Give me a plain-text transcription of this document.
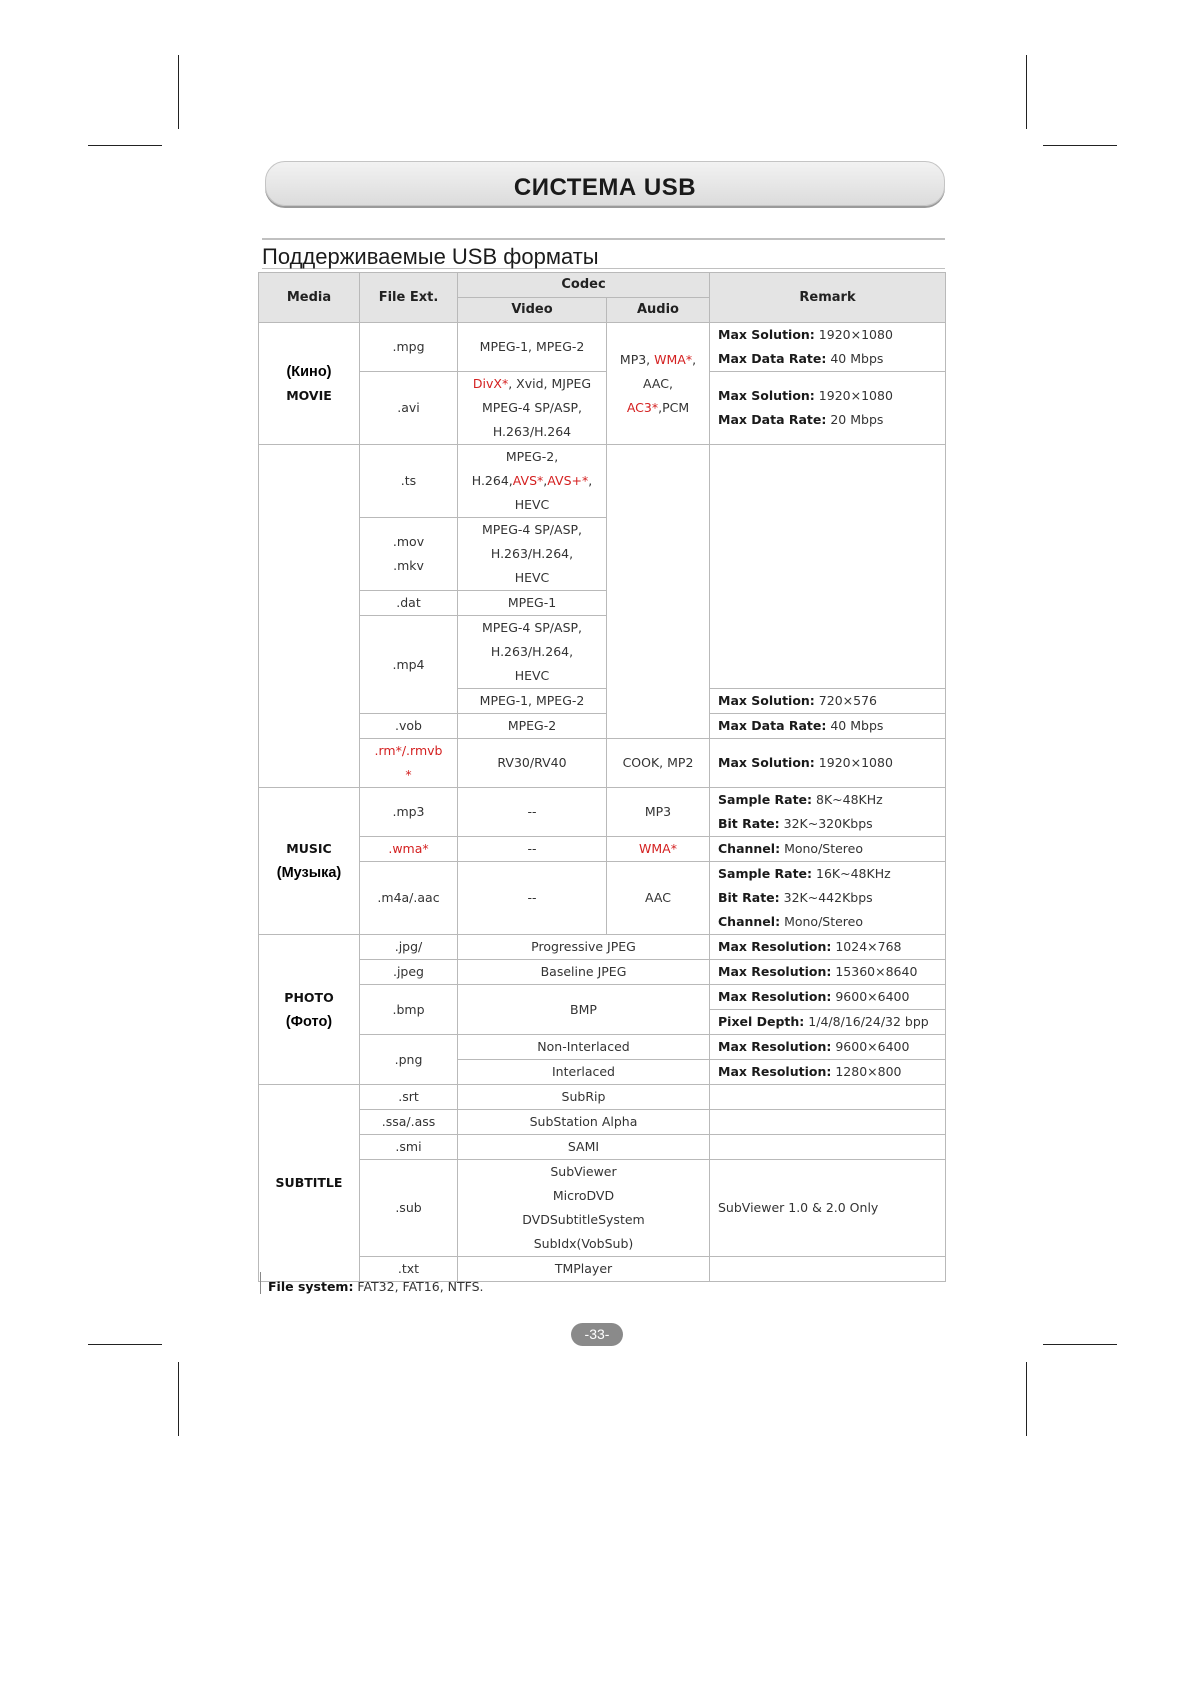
СИСТЕМА USB
Поддерживаемые USB форматы
Media	File Ext.	Codec		Remark
		Video	Audio	
(Кино)
MOVIE	.mpg	MPEG-1, MPEG-2	MP3, WMA*,
AAC,
AC3*,PCM	Max Solution: 1920×1080
Max Data Rate: 40 Mbps
	.avi	DivX*, Xvid, MJPEG
MPEG-4 SP/ASP,
H.263/H.264		Max Solution: 1920×1080
Max Data Rate: 20 Mbps
	.ts	MPEG-2,
H.264,AVS*,AVS+*,
HEVC		
	.mov
.mkv	MPEG-4 SP/ASP,
H.263/H.264,
HEVC		
	.dat	MPEG-1		
	.mp4	MPEG-4 SP/ASP,
H.263/H.264,
HEVC		
		MPEG-1, MPEG-2		Max Solution: 720×576
	.vob	MPEG-2		Max Data Rate: 40 Mbps
	.rm*/.rmvb
*	RV30/RV40	COOK, MP2	Max Solution: 1920×1080
MUSIC
(Музыка)	.mp3	--	MP3	Sample Rate: 8K~48KHz
Bit Rate: 32K~320Kbps
	.wma*	--	WMA*	Channel: Mono/Stereo
	.m4a/.aac	--	AAC	Sample Rate: 16K~48KHz
Bit Rate: 32K~442Kbps
Channel: Mono/Stereo
PHOTO
(Фото)	.jpg/	Progressive JPEG		Max Resolution: 1024×768
	.jpeg	Baseline JPEG		Max Resolution: 15360×8640
	.bmp	BMP		Max Resolution: 9600×6400
				Pixel Depth: 1/4/8/16/24/32 bpp
	.png	Non-Interlaced		Max Resolution: 9600×6400
		Interlaced		Max Resolution: 1280×800
SUBTITLE	.srt	SubRip		
	.ssa/.ass	SubStation Alpha		
	.smi	SAMI		
	.sub	SubViewer
MicroDVD
DVDSubtitleSystem
SubIdx(VobSub)		SubViewer 1.0 & 2.0 Only
	.txt	TMPlayer		
File system: FAT32, FAT16, NTFS.
-33-
